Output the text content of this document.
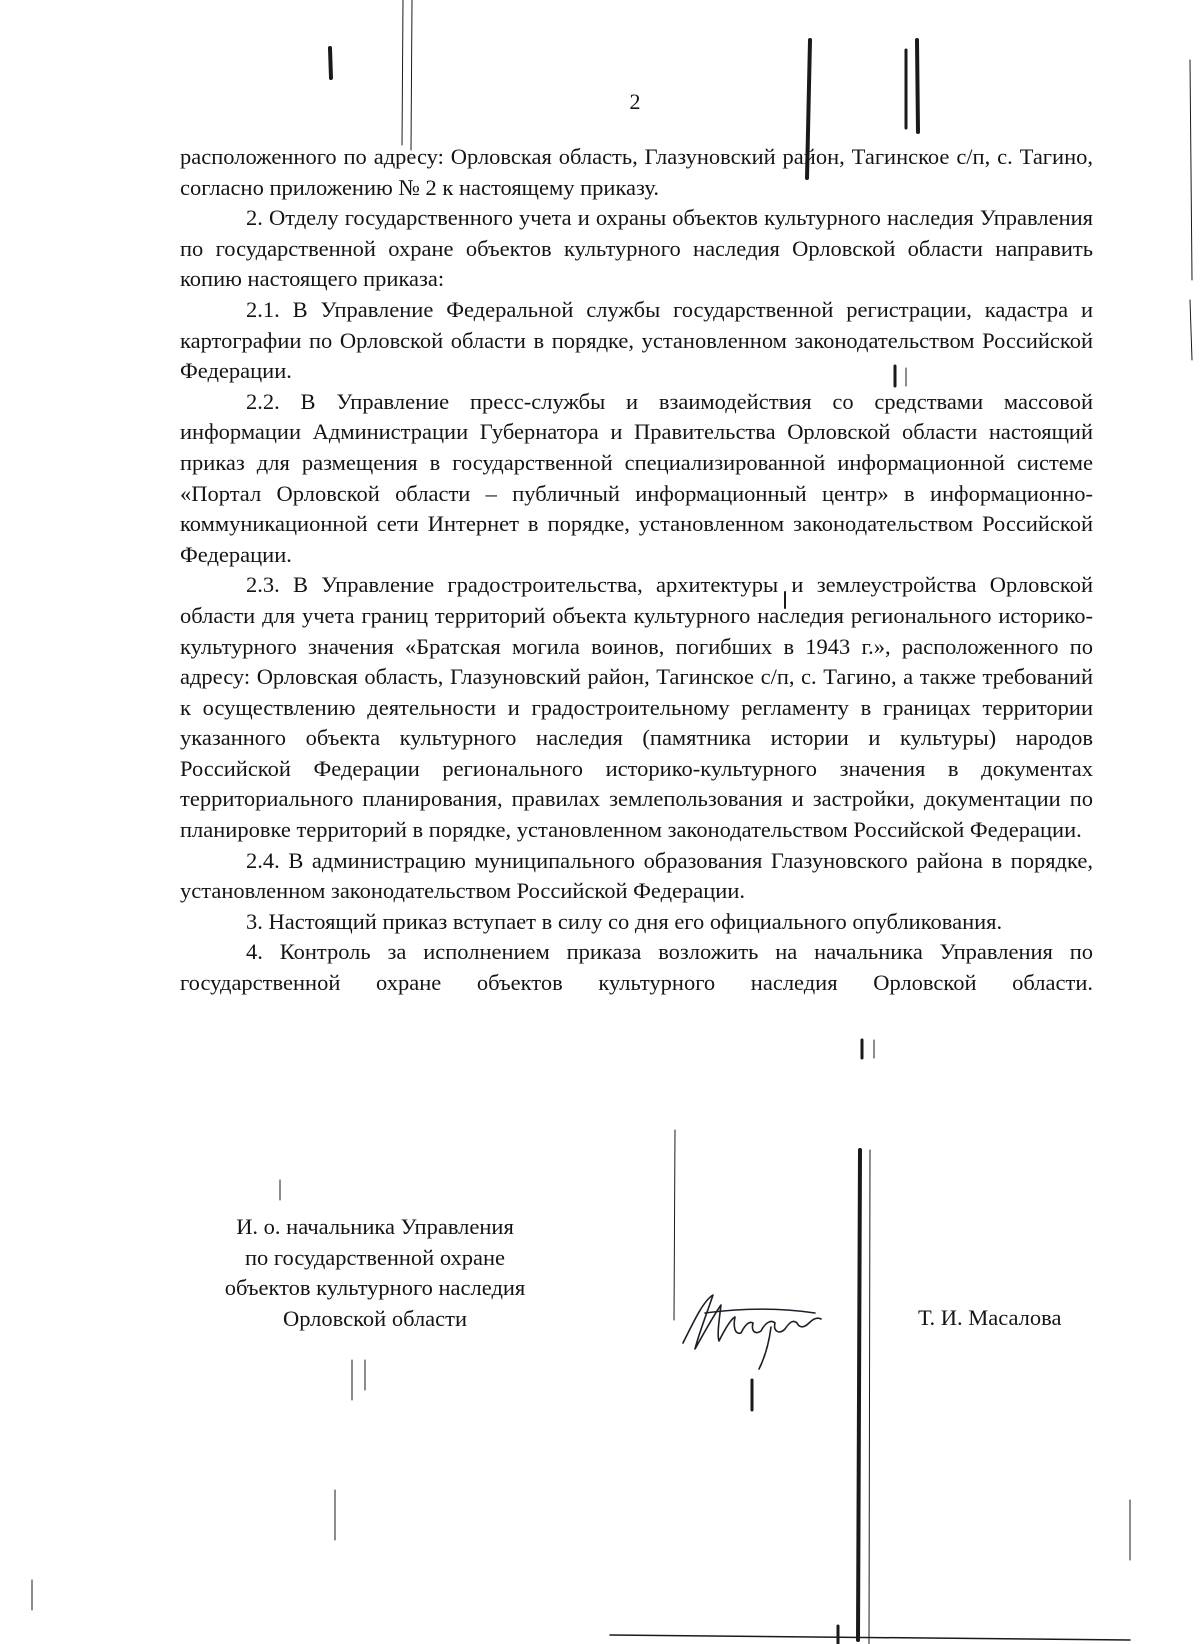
2

расположенного по адресу: Орловская область, Глазуновский район, Тагинское с/п, с. Тагино, согласно приложению № 2 к настоящему приказу.

2. Отделу государственного учета и охраны объектов культурного наследия Управления по государственной охране объектов культурного наследия Орловской области направить копию настоящего приказа:

2.1. В Управление Федеральной службы государственной регистрации, кадастра и картографии по Орловской области в порядке, установленном законодательством Российской Федерации.

2.2. В Управление пресс-службы и взаимодействия со средствами массовой информации Администрации Губернатора и Правительства Орловской области настоящий приказ для размещения в государственной специализированной информационной системе «Портал Орловской области – публичный информационный центр» в информационно-коммуникационной сети Интернет в порядке, установленном законодательством Российской Федерации.

2.3. В Управление градостроительства, архитектуры и землеустройства Орловской области для учета границ территорий объекта культурного наследия регионального историко-культурного значения «Братская могила воинов, погибших в 1943 г.», расположенного по адресу: Орловская область, Глазуновский район, Тагинское с/п, с. Тагино, а также требований к осуществлению деятельности и градостроительному регламенту в границах территории указанного объекта культурного наследия (памятника истории и культуры) народов Российской Федерации регионального историко-культурного значения в документах территориального планирования, правилах землепользования и застройки, документации по планировке территорий в порядке, установленном законодательством Российской Федерации.

2.4. В администрацию муниципального образования Глазуновского района в порядке, установленном законодательством Российской Федерации.

3. Настоящий приказ вступает в силу со дня его официального опубликования.

4. Контроль за исполнением приказа возложить на начальника Управления по государственной охране объектов культурного наследия Орловской области.

И. о. начальника Управления
по государственной охране
объектов культурного наследия
Орловской области	Т. И. Масалова
